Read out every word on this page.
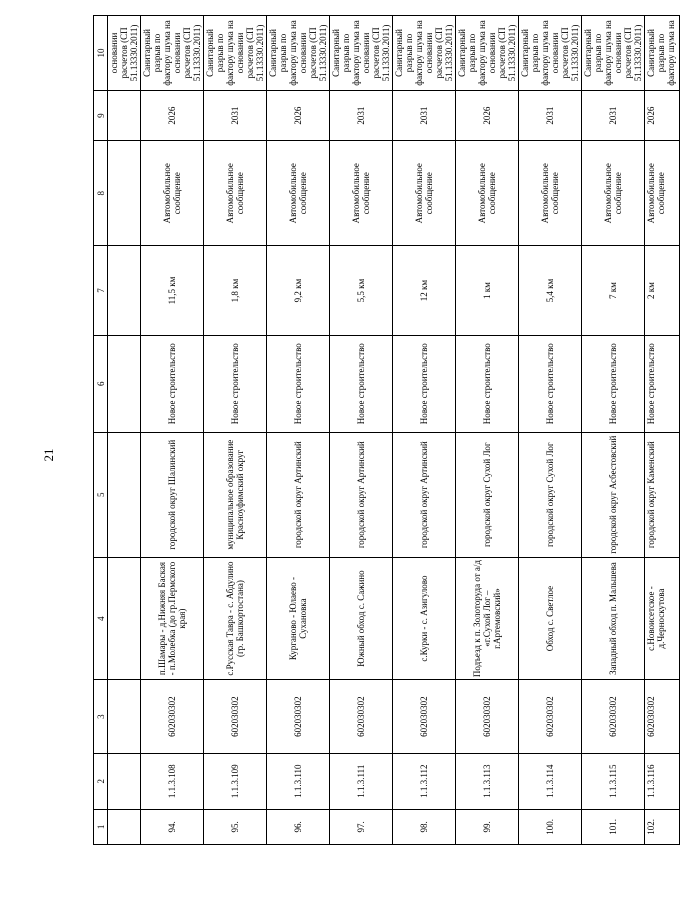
21
1	2	3	4	5	6	7	8	9	10
									основании расчетов (СП 51.13330.2011)
94.	1.1.3.108	602030302	п.Шамары - д.Нижняя Баская - п.Молебка (до гр.Пермского края)	городской округ Шалинский	Новое строительство	11,5 км	Автомобильное сообщение	2026	Санитарный разрыв по фактору шума на основании расчетов (СП 51.13330.2011)
95.	1.1.3.109	602030302	с.Русская Тавра - с. Абдулино (гр. Башкортостана)	муниципальное образование Красноуфимский округ	Новое строительство	1,8 км	Автомобильное сообщение	2031	Санитарный разрыв по фактору шума на основании расчетов (СП 51.13330.2011)
96.	1.1.3.110	602030302	Курганово - Юлаево - Сухановка	городской округ Артинский	Новое строительство	9,2 км	Автомобильное сообщение	2026	Санитарный разрыв по фактору шума на основании расчетов (СП 51.13330.2011)
97.	1.1.3.111	602030302	Южный обход с. Сажино	городской округ Артинский	Новое строительство	5,5 км	Автомобильное сообщение	2031	Санитарный разрыв по фактору шума на основании расчетов (СП 51.13330.2011)
98.	1.1.3.112	602030302	с.Курки - с. Азигулово	городской округ Артинский	Новое строительство	12 км	Автомобильное сообщение	2031	Санитарный разрыв по фактору шума на основании расчетов (СП 51.13330.2011)
99.	1.1.3.113	602030302	Подъезд к п. Золоторуда от а/д «г.Сухой Лог – г.Артемовский»	городской округ Сухой Лог	Новое строительство	1 км	Автомобильное сообщение	2026	Санитарный разрыв по фактору шума на основании расчетов (СП 51.13330.2011)
100.	1.1.3.114	602030302	Обход с. Светлое	городской округ Сухой Лог	Новое строительство	5,4 км	Автомобильное сообщение	2031	Санитарный разрыв по фактору шума на основании расчетов (СП 51.13330.2011)
101.	1.1.3.115	602030302	Западный обход п. Мальшева	городской округ Асбестовский	Новое строительство	7 км	Автомобильное сообщение	2031	Санитарный разрыв по фактору шума на основании расчетов (СП 51.13330.2011)
102.	1.1.3.116	602030302	с.Новоисетское - д.Черноскутова	городской округ Каменский	Новое строительство	2 км	Автомобильное сообщение	2026	Санитарный разрыв по фактору шума на
